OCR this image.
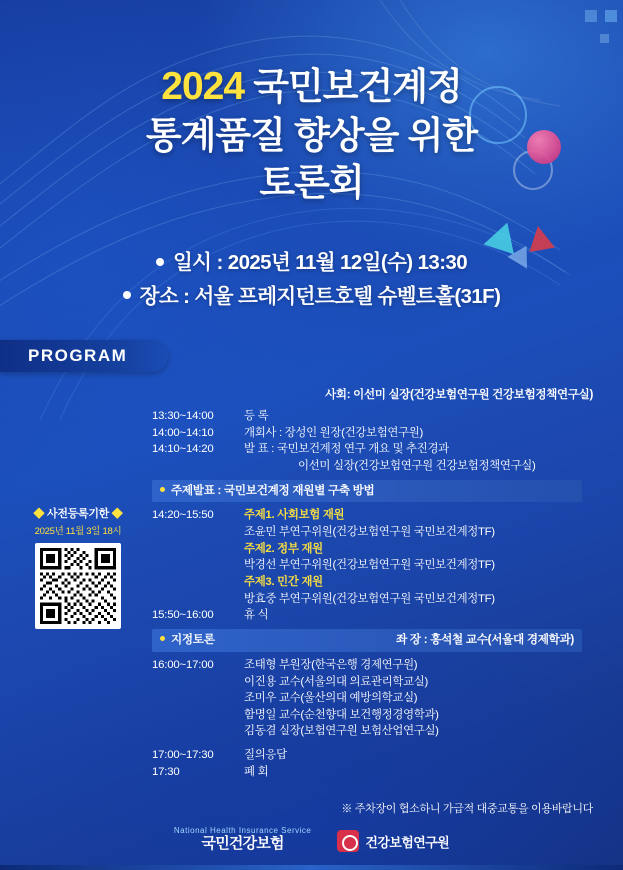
2024 국민보건계정
통계품질 향상을 위한
토론회
일시 : 2025년 11월 12일(수) 13:30
장소 : 서울 프레지던트호텔 슈벨트홀(31F)
PROGRAM
사회: 이선미 실장(건강보험연구원 건강보험정책연구실)
13:30~14:00	등 록
14:00~14:10	개회사 : 장성인 원장(건강보험연구원)
14:10~14:20	발 표 : 국민보건계정 연구 개요 및 추진경과
이선미 실장(건강보험연구원 건강보험정책연구실)
주제발표 : 국민보건계정 재원별 구축 방법
14:20~15:50	주제1. 사회보험 재원
조윤민 부연구위원(건강보험연구원 국민보건계정TF)
주제2. 정부 재원
박경선 부연구위원(건강보험연구원 국민보건계정TF)
주제3. 민간 재원
방효중 부연구위원(건강보험연구원 국민보건계정TF)
15:50~16:00	휴 식
지정토론	좌 장 : 홍석철 교수(서울대 경제학과)
16:00~17:00	조태형 부원장(한국은행 경제연구원)
이진용 교수(서울의대 의료관리학교실)
조미우 교수(울산의대 예방의학교실)
함명일 교수(순천향대 보건행정경영학과)
김동겸 실장(보험연구원 보험산업연구실)
17:00~17:30	질의응답
17:30	폐 회
◆ 사전등록기한 ◆
2025년 11월 3일 18시
※ 주차장이 협소하니 가급적 대중교통을 이용바랍니다
National Health Insurance Service
국민건강보험	건강보험연구원
